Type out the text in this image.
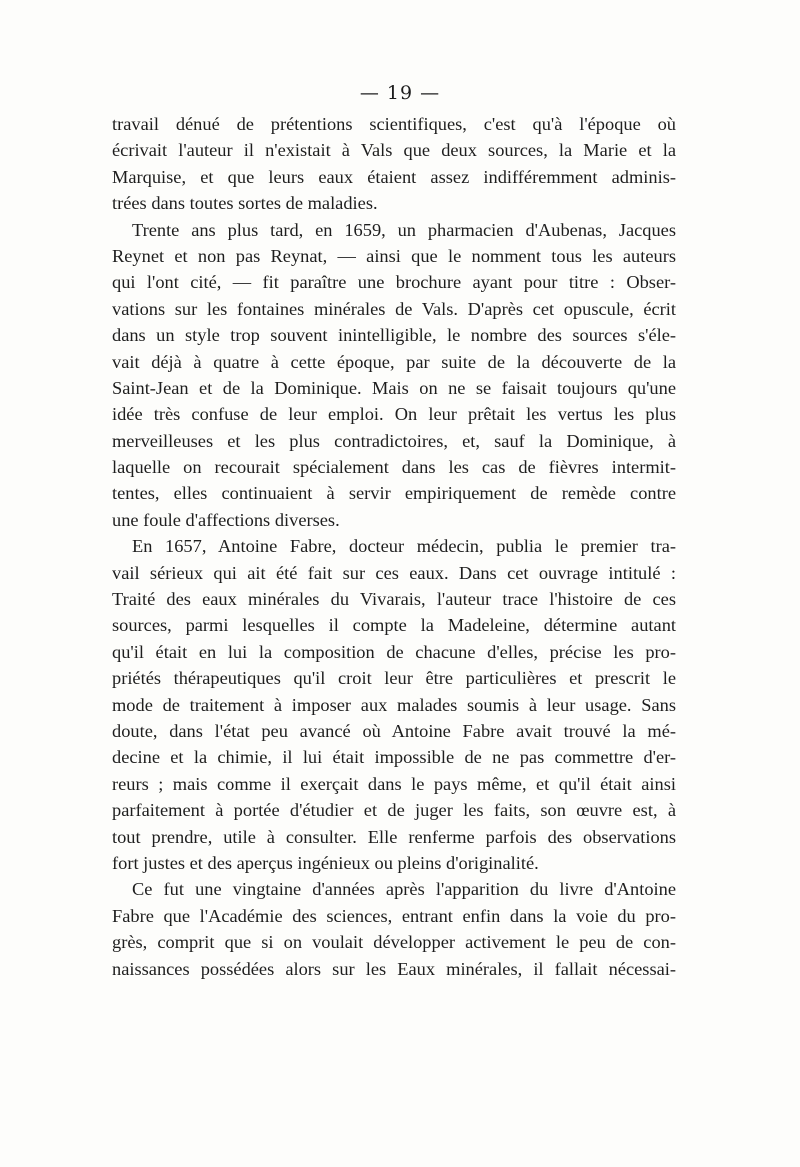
— 19 —
travail dénué de prétentions scientifiques, c'est qu'à l'époque où
écrivait l'auteur il n'existait à Vals que deux sources, la Marie et la
Marquise, et que leurs eaux étaient assez indifféremment adminis-
trées dans toutes sortes de maladies.
Trente ans plus tard, en 1659, un pharmacien d'Aubenas, Jacques
Reynet et non pas Reynat, — ainsi que le nomment tous les auteurs
qui l'ont cité, — fit paraître une brochure ayant pour titre : Obser-
vations sur les fontaines minérales de Vals. D'après cet opuscule, écrit
dans un style trop souvent inintelligible, le nombre des sources s'éle-
vait déjà à quatre à cette époque, par suite de la découverte de la
Saint-Jean et de la Dominique. Mais on ne se faisait toujours qu'une
idée très confuse de leur emploi. On leur prêtait les vertus les plus
merveilleuses et les plus contradictoires, et, sauf la Dominique, à
laquelle on recourait spécialement dans les cas de fièvres intermit-
tentes, elles continuaient à servir empiriquement de remède contre
une foule d'affections diverses.
En 1657, Antoine Fabre, docteur médecin, publia le premier tra-
vail sérieux qui ait été fait sur ces eaux. Dans cet ouvrage intitulé :
Traité des eaux minérales du Vivarais, l'auteur trace l'histoire de ces
sources, parmi lesquelles il compte la Madeleine, détermine autant
qu'il était en lui la composition de chacune d'elles, précise les pro-
priétés thérapeutiques qu'il croit leur être particulières et prescrit le
mode de traitement à imposer aux malades soumis à leur usage. Sans
doute, dans l'état peu avancé où Antoine Fabre avait trouvé la mé-
decine et la chimie, il lui était impossible de ne pas commettre d'er-
reurs ; mais comme il exerçait dans le pays même, et qu'il était ainsi
parfaitement à portée d'étudier et de juger les faits, son œuvre est, à
tout prendre, utile à consulter. Elle renferme parfois des observations
fort justes et des aperçus ingénieux ou pleins d'originalité.
Ce fut une vingtaine d'années après l'apparition du livre d'Antoine
Fabre que l'Académie des sciences, entrant enfin dans la voie du pro-
grès, comprit que si on voulait développer activement le peu de con-
naissances possédées alors sur les Eaux minérales, il fallait nécessai-
